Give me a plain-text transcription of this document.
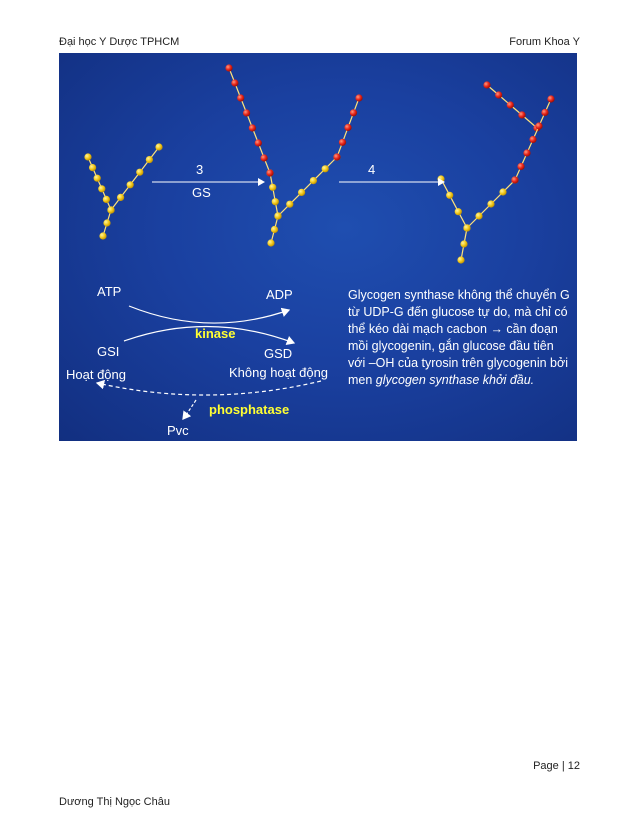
Đại học Y Dược TPHCM	Forum Khoa Y
3
GS
4
ATP	ADP
kinase
GSI	GSD
Hoạt động	Không hoạt động
phosphatase
Pvc
Glycogen synthase không thể chuyển G từ UDP-G đến glucose tự do, mà chỉ có thể kéo dài mạch cacbon → cần đoạn mồi glycogenin, gắn glucose đầu tiên với –OH của tyrosin trên glycogenin bởi men glycogen synthase khởi đầu.
Page | 12
Dương Thị Ngọc Châu
